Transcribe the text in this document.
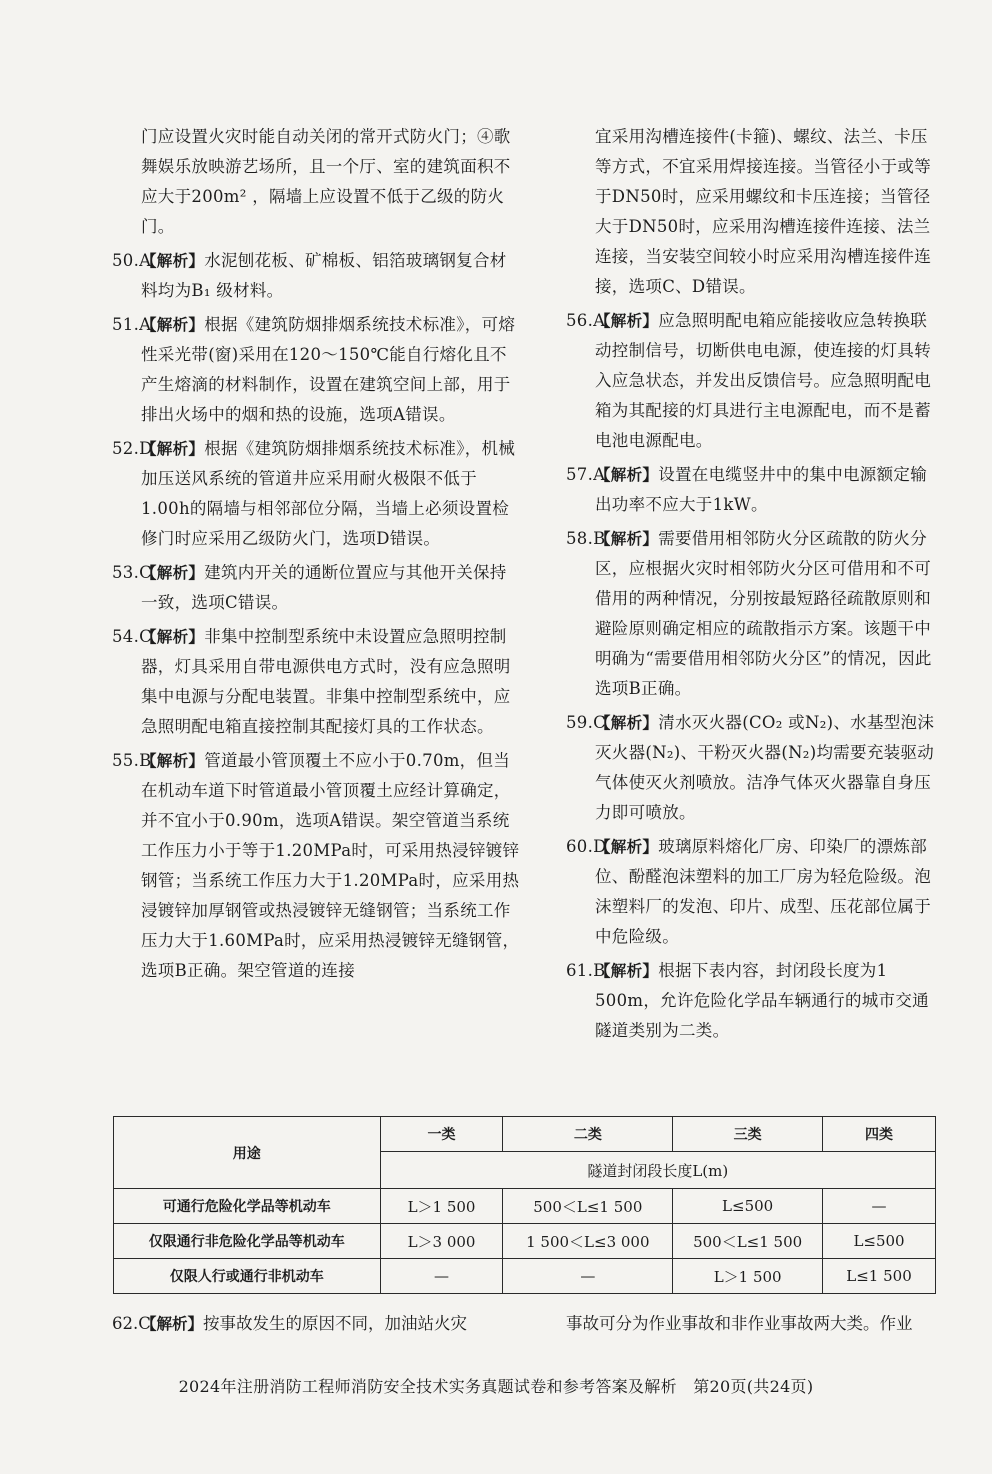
门应设置火灾时能自动关闭的常开式防火门；④歌舞娱乐放映游艺场所，且一个厅、室的建筑面积不应大于200m² ，隔墙上应设置不低于乙级的防火门。
50.A
【解析】水泥刨花板、矿棉板、铝箔玻璃钢复合材料均为B₁ 级材料。
51.A
【解析】根据《建筑防烟排烟系统技术标准》，可熔性采光带(窗)采用在120～150℃能自行熔化且不产生熔滴的材料制作，设置在建筑空间上部，用于排出火场中的烟和热的设施，选项A错误。
52.D
【解析】根据《建筑防烟排烟系统技术标准》，机械加压送风系统的管道井应采用耐火极限不低于1.00h的隔墙与相邻部位分隔，当墙上必须设置检修门时应采用乙级防火门，选项D错误。
53.C
【解析】建筑内开关的通断位置应与其他开关保持一致，选项C错误。
54.C
【解析】非集中控制型系统中未设置应急照明控制器，灯具采用自带电源供电方式时，没有应急照明集中电源与分配电装置。非集中控制型系统中，应急照明配电箱直接控制其配接灯具的工作状态。
55.B
【解析】管道最小管顶覆土不应小于0.70m，但当在机动车道下时管道最小管顶覆土应经计算确定，并不宜小于0.90m，选项A错误。架空管道当系统工作压力小于等于1.20MPa时，可采用热浸锌镀锌钢管；当系统工作压力大于1.20MPa时，应采用热浸镀锌加厚钢管或热浸镀锌无缝钢管；当系统工作压力大于1.60MPa时，应采用热浸镀锌无缝钢管，选项B正确。架空管道的连接
宜采用沟槽连接件(卡箍)、螺纹、法兰、卡压等方式，不宜采用焊接连接。当管径小于或等于DN50时，应采用螺纹和卡压连接；当管径大于DN50时，应采用沟槽连接件连接、法兰连接，当安装空间较小时应采用沟槽连接件连接，选项C、D错误。
56.A
【解析】应急照明配电箱应能接收应急转换联动控制信号，切断供电电源，使连接的灯具转入应急状态，并发出反馈信号。应急照明配电箱为其配接的灯具进行主电源配电，而不是蓄电池电源配电。
57.A
【解析】设置在电缆竖井中的集中电源额定输出功率不应大于1kW。
58.B
【解析】需要借用相邻防火分区疏散的防火分区，应根据火灾时相邻防火分区可借用和不可借用的两种情况，分别按最短路径疏散原则和避险原则确定相应的疏散指示方案。该题干中明确为“需要借用相邻防火分区”的情况，因此选项B正确。
59.C
【解析】清水灭火器(CO₂ 或N₂)、水基型泡沫灭火器(N₂)、干粉灭火器(N₂)均需要充装驱动气体使灭火剂喷放。洁净气体灭火器靠自身压力即可喷放。
60.D
【解析】玻璃原料熔化厂房、印染厂的漂炼部位、酚醛泡沫塑料的加工厂房为轻危险级。泡沫塑料厂的发泡、印片、成型、压花部位属于中危险级。
61.B
【解析】根据下表内容，封闭段长度为1 500m，允许危险化学品车辆通行的城市交通隧道类别为二类。
用途	一类	二类	三类	四类
	隧道封闭段长度L(m)			
可通行危险化学品等机动车	L＞1 500	500＜L≤1 500	L≤500	—
仅限通行非危险化学品等机动车	L＞3 000	1 500＜L≤3 000	500＜L≤1 500	L≤500
仅限人行或通行非机动车	—	—	L＞1 500	L≤1 500
62.C
【解析】按事故发生的原因不同，加油站火灾	事故可分为作业事故和非作业事故两大类。作业
2024年注册消防工程师消防安全技术实务真题试卷和参考答案及解析　第20页(共24页)
